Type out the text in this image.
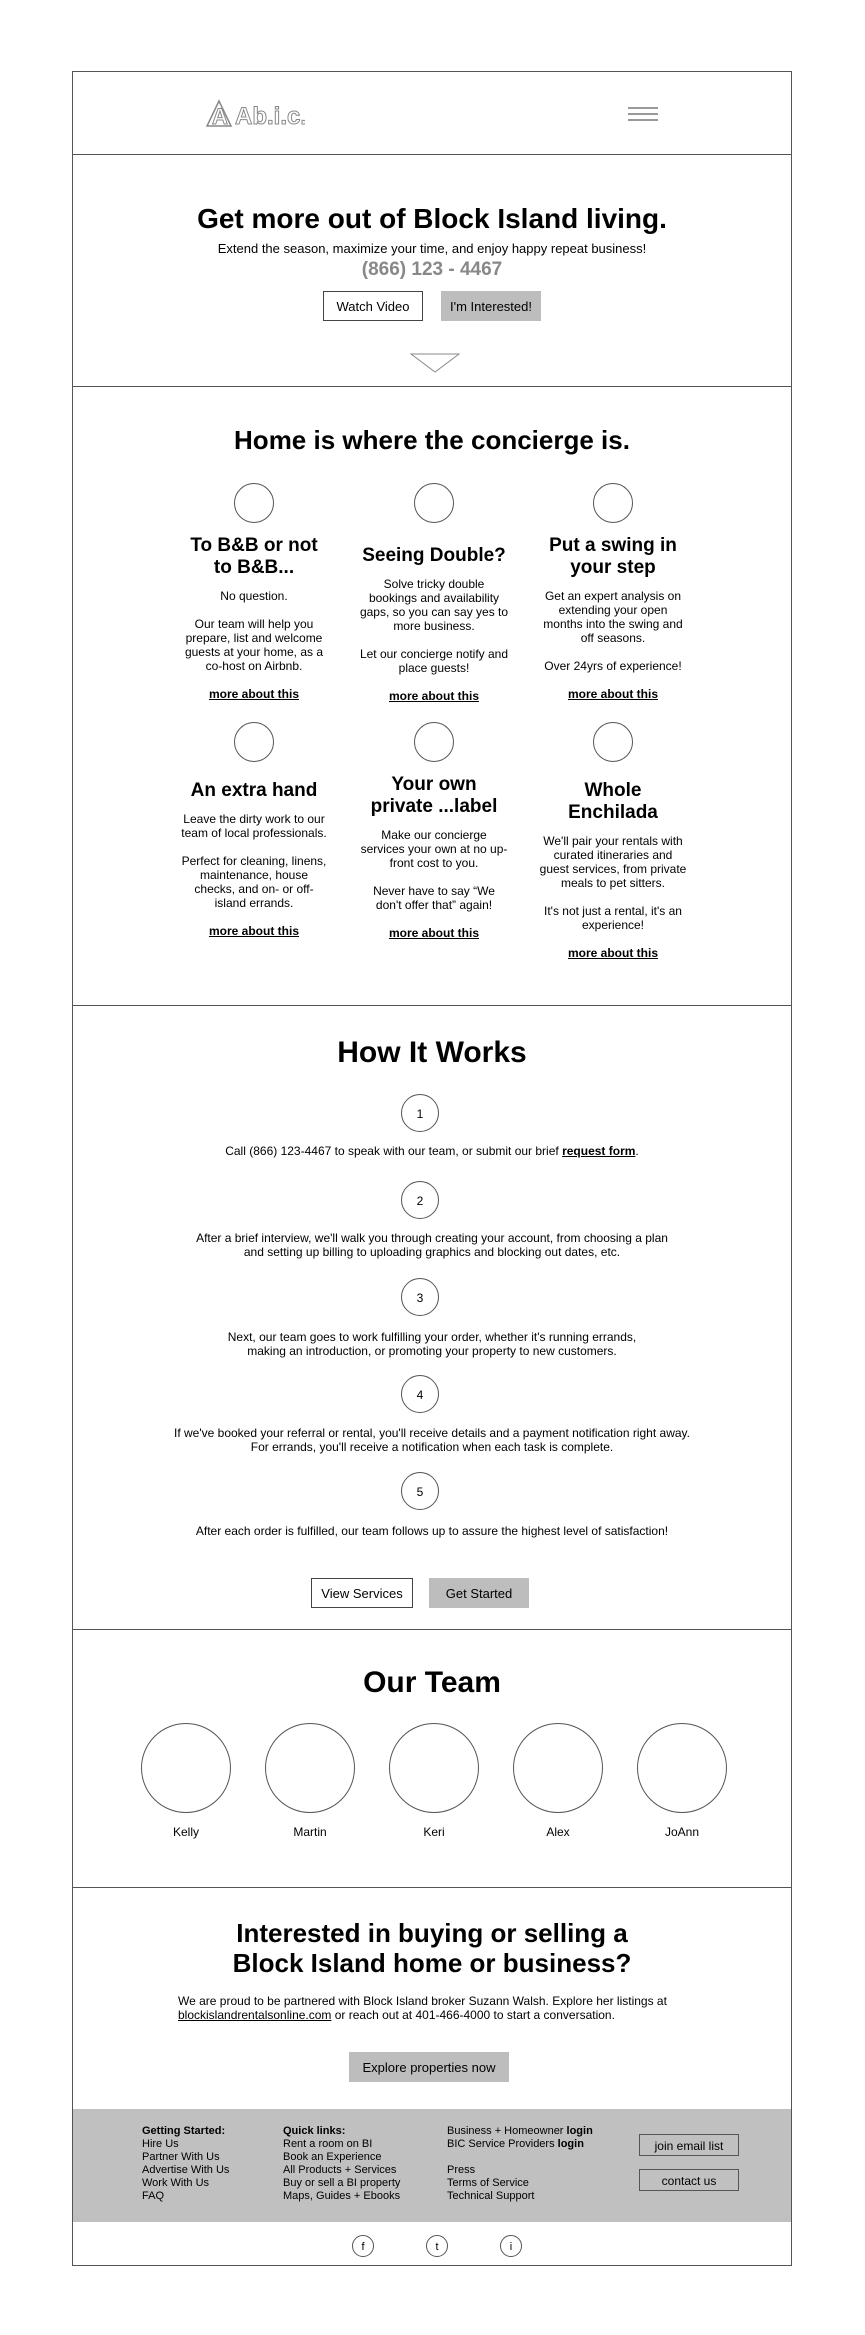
A Ab.i.c.
Get more out of Block Island living.

Extend the season, maximize your time, and enjoy happy repeat business!

(866) 123 - 4467

Watch Video	I'm Interested!
Home is where the concierge is.
To B&B or not to B&B...

No question.

Our team will help you prepare, list and welcome guests at your home, as a co-host on Airbnb.

more about this
Seeing Double?

Solve tricky double bookings and availability gaps, so you can say yes to more business.

Let our concierge notify and place guests!

more about this
Put a swing in your step

Get an expert analysis on extending your open months into the swing and off seasons.

Over 24yrs of experience!

more about this
An extra hand

Leave the dirty work to our team of local professionals.

Perfect for cleaning, linens, maintenance, house checks, and on- or off-island errands.

more about this
Your own private ...label

Make our concierge services your own at no up-front cost to you.

Never have to say “We don't offer that” again!

more about this
Whole Enchilada

We'll pair your rentals with curated itineraries and guest services, from private meals to pet sitters.

It's not just a rental, it's an experience!

more about this
How It Works
1
Call (866) 123-4467 to speak with our team, or submit our brief request form.
2
After a brief interview, we'll walk you through creating your account, from choosing a plan and setting up billing to uploading graphics and blocking out dates, etc.
3
Next, our team goes to work fulfilling your order, whether it's running errands, making an introduction, or promoting your property to new customers.
4
If we've booked your referral or rental, you'll receive details and a payment notification right away. For errands, you'll receive a notification when each task is complete.
5
After each order is fulfilled, our team follows up to assure the highest level of satisfaction!
View Services	Get Started
Our Team
Kelly	Martin	Keri	Alex	JoAnn
Interested in buying or selling a
Block Island home or business?

We are proud to be partnered with Block Island broker Suzann Walsh. Explore her listings at blockislandrentalsonline.com or reach out at 401-466-4000 to start a conversation.

Explore properties now
Getting Started:
Hire Us
Partner With Us
Advertise With Us
Work With Us
FAQ
Quick links:
Rent a room on BI
Book an Experience
All Products + Services
Buy or sell a BI property
Maps, Guides + Ebooks
Business + Homeowner login
BIC Service Providers login
Press
Terms of Service
Technical Support
join email list
contact us
f	t	i
